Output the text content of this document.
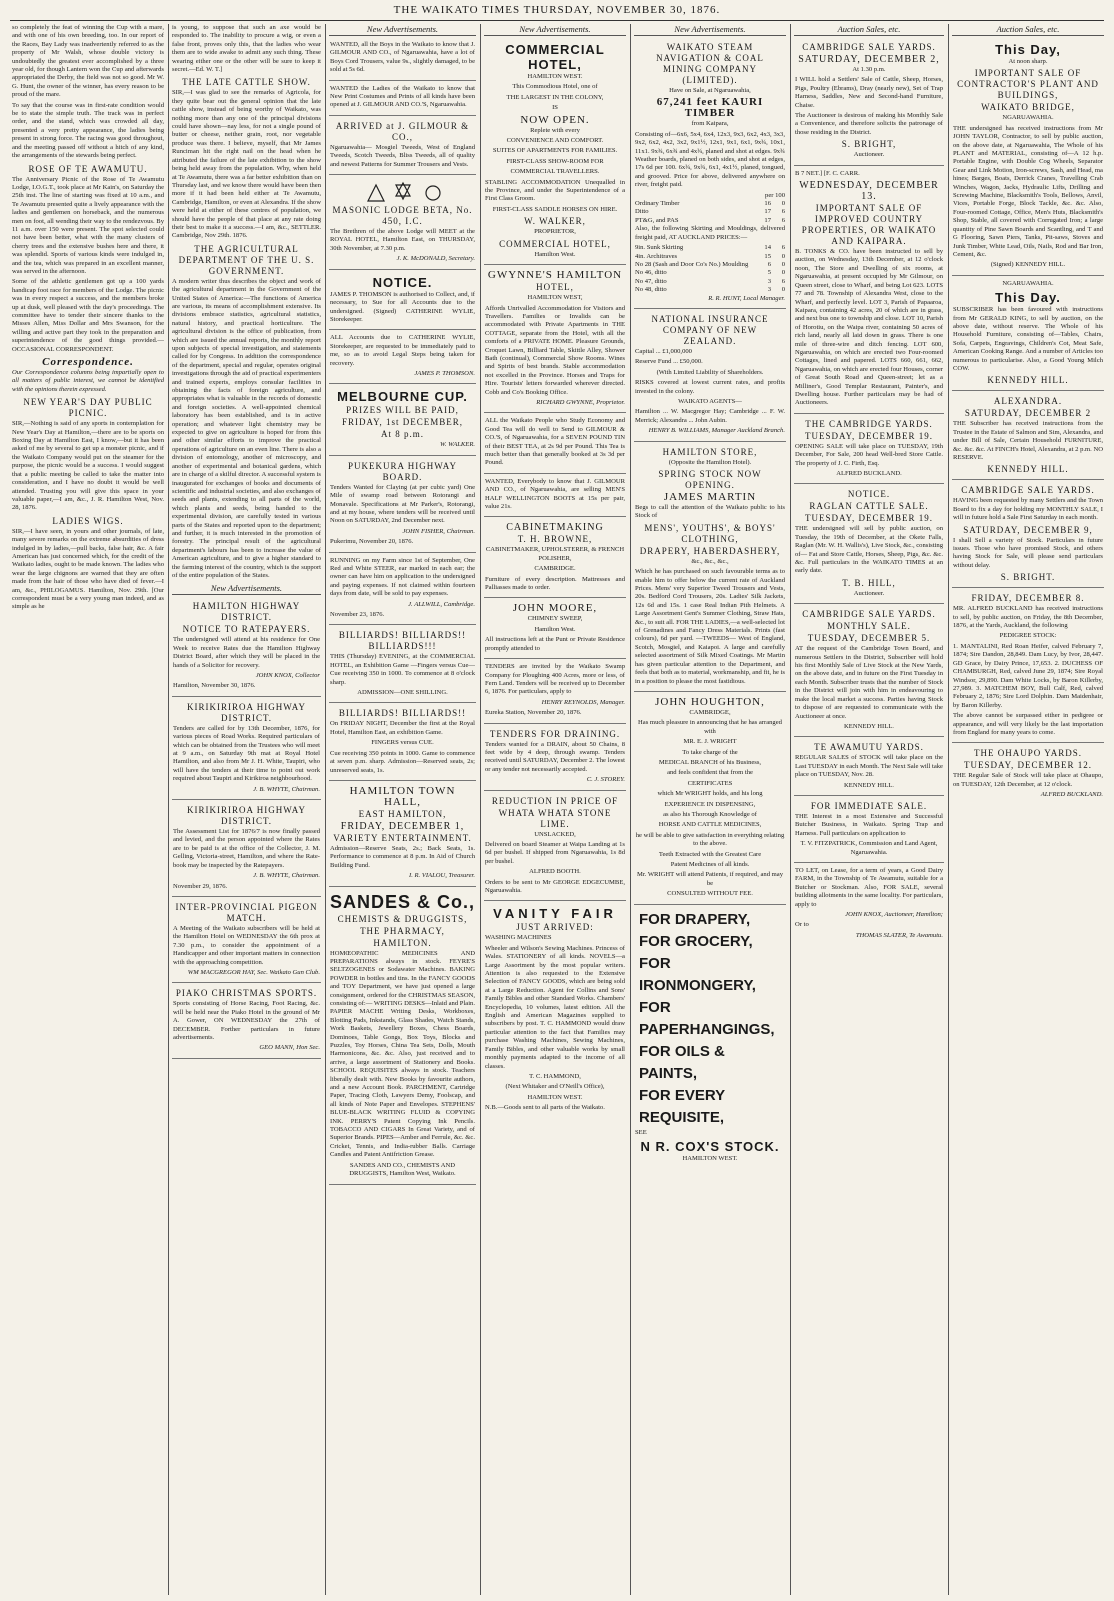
THE WAIKATO TIMES THURSDAY, NOVEMBER 30, 1876.

so completely the feat of winning the Cup with a mare, and with one of his own breeding, too. In our report of the Races, Bay Lady was inadvertently referred to as the property of Mr Walsh, whose double victory is undoubtedly the greatest ever accomplished by a three year old, for though Lantern won the Cup and afterwards appropriated the Derby, the field was not so good. Mr W. G. Hunt, the owner of the winner, has every reason to be proud of the mare.

To say that the course was in first-rate condition would be to state the simple truth. The track was in perfect order, and the stand, which was crowded all day, presented a very pretty appearance, the ladies being present in strong force. The racing was good throughout, and the meeting passed off without a hitch of any kind, the arrangements of the stewards being perfect.

ROSE OF TE AWAMUTU.

The Anniversary Picnic of the Rose of Te Awamutu Lodge, I.O.G.T., took place at Mr Kain's, on Saturday the 25th inst. The line of starting was fixed at 10 a.m., and Te Awamutu presented quite a lively appearance with the ladies and gentlemen on horseback, and the numerous men on foot, all wending their way to the rendezvous. By 11 a.m. over 150 were present. The spot selected could not have been better, what with the many clusters of cherry trees and the extensive bushes here and there, it was splendid. Sports of various kinds were indulged in, and the tea, which was prepared in an excellent manner, was served in the afternoon.

Some of the athletic gentlemen got up a 100 yards handicap foot race for members of the Lodge. The picnic was in every respect a success, and the members broke up at dusk, well pleased with the day's proceedings. The committee have to tender their sincere thanks to the Misses Allen, Miss Dollar and Mrs Swanson, for the willing and active part they took in the preparation and superintendence of the good things provided.—OCCASIONAL CORRESPONDENT.

Correspondence.

Our Correspondence columns being impartially open to all matters of public interest, we cannot be identified with the opinions therein expressed.

NEW YEAR'S DAY PUBLIC PICNIC.

SIR,—Nothing is said of any sports in contemplation for New Year's Day at Hamilton,—there are to be sports on Boxing Day at Hamilton East, I know,—but it has been asked of me by several to get up a monster picnic, and if the Waikato Company would put on the steamer for the purpose, the picnic would be a success. I would suggest that a public meeting be called to take the matter into consideration, and I have no doubt it would be well attended. Trusting you will give this space in your valuable paper,—I am, &c., J. R. Hamilton West, Nov. 28, 1876.

LADIES WIGS.

SIR,—I have seen, in yours and other journals, of late, many severe remarks on the extreme absurdities of dress indulged in by ladies,—pull backs, false hair, &c. A fair American has just concerned which, for the credit of the Waikato ladies, ought to be made known. The ladies who wear the large chignons are warned that they are often made from the hair of those who have died of fever.—I am, &c., PHILOGAMUS. Hamilton, Nov. 29th. [Our correspondent must be a very young man indeed, and as simple as he

is young, to suppose that such an axe would be responded to. The inability to procure a wig, or even a false front, proves only this, that the ladies who wear them are to wide awake to admit any such thing. These wearing either one or the other will be sure to keep it secret.—Ed. W. T.]

THE LATE CATTLE SHOW.

SIR,—I was glad to see the remarks of Agricola, for they quite bear out the general opinion that the late cattle show, instead of being worthy of Waikato, was nothing more than any one of the principal divisions could have shown—nay less, for not a single pound of butter or cheese, neither grain, root, nor vegetable produce was there. I believe, myself, that Mr James Runciman hit the right nail on the head when he attributed the failure of the late exhibition to the show being held away from the population. Why, when held at Te Awamutu, there was a far better exhibition than on Thursday last, and we know there would have been then more if it had been held either at Te Awamutu, Cambridge, Hamilton, or even at Alexandra. If the show were held at either of these centres of population, we should have the people of that place at any rate doing their best to make it a success.—I am, &c., SETTLER. Cambridge, Nov 29th. 1876.

THE AGRICULTURAL DEPARTMENT OF THE U. S. GOVERNMENT.

A modern writer thus describes the object and work of the agricultural department in the Government of the United States of America:—The functions of America are various, its means of accomplishment extensive. Its divisions embrace statistics, agricultural statistics, natural history, and practical horticulture. The agricultural division is the office of publication, from which are issued the annual reports, the monthly report upon subjects of special investigation, and statements called for by Congress. In addition the correspondence of the department, special and regular, operates original investigations through the aid of practical experimenters and trained experts, employs consular facilities in obtaining the facts of foreign agriculture, and appropriates what is valuable in the records of domestic and foreign societies. A well-appointed chemical laboratory has been established, and is in active operation; and whatever light chemistry may be expected to give on agriculture is hoped for from this and other similar efforts to improve the practical operations of agriculture on an even line. There is also a division of entomology, another of microscopy, and another of experimental and botanical gardens, which are in charge of a skilful director. A successful system is inaugurated for exchanges of books and documents of scientific and industrial societies, and also exchanges of seeds and plants, extending to all parts of the world, which plants and seeds, being handed to the experimental division, are carefully tested in various parts of the States and reported upon to the department; and further, it is much interested in the promotion of forestry. The principal result of the agricultural department's labours has been to increase the value of American agriculture, and to give a higher standard to the farming interest of the country, which is the support of the entire population of the States.

New Advertisements.
HAMILTON HIGHWAY DISTRICT.
NOTICE TO RATEPAYERS.

The undersigned will attend at his residence for One Week to receive Rates due the Hamilton Highway District Board, after which they will be placed in the hands of a Solicitor for recovery.

JOHN KNOX, Collector

Hamilton, November 30, 1876.

KIRIKIRIROA HIGHWAY DISTRICT.

Tenders are called for by 13th December, 1876, for various pieces of Road Works. Required particulars of which can be obtained from the Trustees who will meet at 9 a.m., on Saturday 9th mat at Royal Hotel Hamilton, and also from Mr J. H. White, Taupiri, who will have the tenders at their time to point out work required about Taupiri and Kirikiroa neighbourhood.

J. B. WHYTE, Chairman.

KIRIKIRIROA HIGHWAY DISTRICT.

The Assessment List for 1876/7 is now finally passed and levied, and the person appointed where the Rates are to be paid is at the office of the Collector, J. M. Gelling, Victoria-street, Hamilton, and where the Rate-book may be inspected by the Ratepayers.

J. B. WHYTE, Chairman.

November 29, 1876.

INTER-PROVINCIAL PIGEON MATCH.

A Meeting of the Waikato subscribers will be held at the Hamilton Hotel on WEDNESDAY the 6th prox at 7.30 p.m., to consider the appointment of a Handicapper and other important matters in connection with the approaching competition.

WM MACGREGOR HAY, Sec. Waikato Gun Club.

PIAKO CHRISTMAS SPORTS.

Sports consisting of Horse Racing, Foot Racing, &c. will be held near the Piako Hotel in the ground of Mr A. Gower, ON WEDNESDAY the 27th of DECEMBER. Forther particulars in future advertisements.

GEO MANN, Hon Sec.

New Advertisements.

WANTED, all the Boys in the Waikato to know that J. GILMOUR AND CO., of Ngaruawahia, have a lot of Boys Cord Trousers, value 9s., slightly damaged, to be sold at 5s 6d.

WANTED the Ladies of the Waikato to know that New Print Costumes and Prints of all kinds have been opened at J. GILMOUR AND CO.'S, Ngaruawahia.

ARRIVED at J. GILMOUR & CO.,

Ngaruawahia— Mosgiel Tweeds, West of England Tweeds, Scotch Tweeds, Bliss Tweeds, all of quality and newest Patterns for Summer Trousers and Vests.

MASONIC LODGE BETA, No. 450, I.C.

The Brethren of the above Lodge will MEET at the ROYAL HOTEL, Hamilton East, on THURSDAY, 30th November, at 7.30 p.m.

J. K. McDONALD, Secretary.

NOTICE.

JAMES P. THOMSON is authorised to Collect, and, if necessary, to Sue for all Accounts due to the undersigned. (Signed) CATHERINE WYLIE, Storekeeper.

ALL Accounts due to CATHERINE WYLIE, Storekeeper, are requested to be immediately paid to me, so as to avoid Legal Steps being taken for recovery.

JAMES P. THOMSON.

MELBOURNE CUP.
PRIZES WILL BE PAID,
FRIDAY, 1st DECEMBER,
At 8 p.m.

W. WALKER.

PUKEKURA HIGHWAY BOARD.

Tenders Wanted for Claying (at per cubic yard) One Mile of swamp road between Rotorangi and Monavale. Specifications at Mr Parker's, Rotorangi, and at my house, where tenders will be received until Noon on SATURDAY, 2nd December next.

JOHN FISHER, Chairman.

Pukerimu, November 20, 1876.

RUNNING on my Farm since 1st of September, One Red and White STEER, ear marked in each ear; the owner can have him on application to the undersigned and paying expenses. If not claimed within fourteen days from date, will be sold to pay expenses.

J. ALLWILL, Cambridge.

November 23, 1876.

BILLIARDS! BILLIARDS!! BILLIARDS!!!

THIS (Thursday) EVENING, at the COMMERCIAL HOTEL, an Exhibition Game —Fingers versus Cue—Cue receiving 350 in 1000. To commence at 8 o'clock sharp.

ADMISSION—ONE SHILLING.

BILLIARDS! BILLIARDS!!

On FRIDAY NIGHT, December the first at the Royal Hotel, Hamilton East, an exhibition Game.

FINGERS versus CUE.

Cue receiving 350 points in 1000. Game to commence at seven p.m. sharp. Admission—Reserved seats, 2s; unreserved seats, 1s.

HAMILTON TOWN HALL,
EAST HAMILTON,
FRIDAY, DECEMBER 1,
VARIETY ENTERTAINMENT.

Admission—Reserve Seats, 2s.; Back Seats, 1s. Performance to commence at 8 p.m. In Aid of Church Building Fund.

I. R. VIALOU, Treasurer.

SANDES & Co.,
CHEMISTS & DRUGGISTS,
THE PHARMACY,
HAMILTON.

HOMŒOPATHIC MEDICINES AND PREPARATIONS always in stock. FEYRE'S SELTZOGENES or Sodawater Machines. BAKING POWDER in bottles and tins. In the FANCY GOODS and TOY Department, we have just opened a large consignment, ordered for the CHRISTMAS SEASON, consisting of:— WRITING DESKS—Inlaid and Plain. PAPIER MACHE Writing Desks, Workboxes, Blotting Pads, Inkstands, Glass Shades, Watch Stands, Work Baskets, Jewellery Boxes, Chess Boards, Dominoes, Table Gongs, Box Toys, Blocks and Puzzles, Toy Horses, China Tea Sets, Dolls, Mouth Harmonicons, &c. &c. Also, just received and to arrive, a large assortment of Stationery and Books. SCHOOL REQUISITES always in stock. Teachers liberally dealt with. New Books by favourite authors, and a new Account Book. PARCHMENT, Cartridge Paper, Tracing Cloth, Lawyers Demy, Foolscap, and all kinds of Note Paper and Envelopes. STEPHENS' BLUE-BLACK WRITING FLUID & COPYING INK. PERRY'S Patent Copying Ink Pencils. TOBACCO AND CIGARS In Great Variety, and of Superior Brands. PIPES—Amber and Ferrule, &c. &c. Cricket, Tennis, and India-rubber Balls. Carriage Candles and Patent Antifriction Grease.

SANDES AND CO., CHEMISTS AND DRUGGISTS, Hamilton West, Waikato.

New Advertisements.
COMMERCIAL HOTEL,

HAMILTON WEST.

This Commodious Hotel, one of

THE LARGEST IN THE COLONY,

IS

NOW OPEN.

Replete with every

CONVENIENCE AND COMFORT.

SUITES OF APARTMENTS FOR FAMILIES.

FIRST-CLASS SHOW-ROOM FOR

COMMERCIAL TRAVELLERS.

STABLING ACCOMMODATION Unequalled in the Province, and under the Superintendence of a First Class Groom.

FIRST-CLASS SADDLE HORSES ON HIRE.

W. WALKER,

PROPRIETOR,

COMMERCIAL HOTEL,

Hamilton West.

GWYNNE'S HAMILTON
HOTEL,

HAMILTON WEST,

Affords Unrivalled Accommodation for Visitors and Travellers. Families or Invalids can be accommodated with Private Apartments in THE COTTAGE, separate from the Hotel, with all the comforts of a PRIVATE HOME. Pleasure Grounds, Croquet Lawn, Billiard Table, Skittle Alley, Shower Bath (continual), Commercial Show Rooms. Wines and Spirits of best brands. Stable accommodation not excelled in the Province. Horses and Traps for Hire. Tourists' letters forwarded wherever directed. Cobb and Co's Booking Office.

RICHARD GWYNNE, Proprietor.

ALL the Waikato People who Study Economy and Good Tea will do well to Send to GILMOUR & CO.'S, of Ngaruawahia, for a SEVEN POUND TIN of their BEST TEA, at 2s 9d per Pound. This Tea is much better than that generally booked at 3s 3d per Pound.

WANTED, Everybody to know that J. GILMOUR AND CO., of Ngaruawahia, are selling MEN'S HALF WELLINGTON BOOTS at 15s per pair, value 21s.

CABINETMAKING
T. H. BROWNE,

CABINETMAKER, UPHOLSTERER, & FRENCH POLISHER,

CAMBRIDGE.

Furniture of every description. Mattresses and Palliasses made to order.

JOHN MOORE,

CHIMNEY SWEEP,

Hamilton West.

All instructions left at the Punt or Private Residence promptly attended to

TENDERS are invited by the Waikato Swamp Company for Ploughing 400 Acres, more or less, of Fern Land. Tenders will be received up to December 6, 1876. For particulars, apply to

HENRY REYNOLDS, Manager.

Eureka Station, November 20, 1876.

TENDERS FOR DRAINING.

Tenders wanted for a DRAIN, about 50 Chains, 8 feet wide by 4 deep, through swamp. Tenders received until SATURDAY, December 2. The lowest or any tender not necessarily accepted.

C. J. STOREY.

REDUCTION IN PRICE OF
WHATA WHATA STONE LIME.

UNSLACKED,

Delivered on board Steamer at Waipa Landing at 1s 6d per bushel. If shipped from Ngaruawahia, 1s 8d per bushel.

ALFRED BOOTH.

Orders to be sent to Mr GEORGE EDGECUMBE, Ngaruawahia.

VANITY FAIR
JUST ARRIVED:

WASHING MACHINES

Wheeler and Wilson's Sewing Machines. Princess of Wales. STATIONERY of all kinds. NOVELS—a Large Assortment by the most popular writers. Attention is also requested to the Extensive Selection of FANCY GOODS, which are being sold at a Large Reduction. Agent for Collins and Sons' Family Bibles and other Standard Works. Chambers' Encyclopedia, 10 volumes, latest edition. All the English and American Magazines supplied to subscribers by post. T. C. HAMMOND would draw particular attention to the fact that Families may purchase Washing Machines, Sewing Machines, Family Bibles, and other valuable works by small monthly payments adapted to the income of all classes.

T. C. HAMMOND,

(Next Whitaker and O'Neill's Office),

HAMILTON WEST.

N.B.—Goods sent to all parts of the Waikato.

New Advertisements.
WAIKATO STEAM NAVIGATION & COAL MINING COMPANY (LIMITED).

Have on Sale, at Ngaruawahia,

67,241 feet KAURI TIMBER

from Kaipara,

Consisting of—6x6, 5x4, 6x4, 12x3, 9x3, 6x2, 4x3, 3x3, 9x2, 6x2, 4x2, 3x2, 9x1½, 12x1, 9x1, 6x1, 9x¾, 10x1, 11x1. 9x¾, 6x¾ and 4x¾, planed and shot at edges. 9x¾ Weather boards, planed on both sides, and shot at edges, 17s 6d per 100. 6x¾, 9x¾, 6x1, 4x1½, planed, tongued, and grooved. Price for above, delivered anywhere on river, freight paid.

per 100
Ordinary Timber	16	0
Ditto	17	6
PT&G, and PAS	17	6

Also, the following Skirting and Mouldings, delivered freight paid, AT AUCKLAND PRICES:—

9in. Sunk Skirting	14	6
4in. Architraves	15	0
No 28 (Sash and Door Co's No.) Moulding	6	0
No 46, ditto	5	0
No 47, ditto	3	6
No 48, ditto	3	0

R. R. HUNT, Local Manager.

NATIONAL INSURANCE COMPANY OF NEW ZEALAND.

Capital ... £1,000,000

Reserve Fund ... £50,000.

(With Limited Liability of Shareholders.

RISKS covered at lowest current rates, and profits invested in the colony.

WAIKATO AGENTS—

Hamilton ... W. Macgregor Hay; Cambridge ... F. W. Merrick; Alexandra ... John Aubin.

HENRY B. WILLIAMS, Manager Auckland Branch.

HAMILTON STORE,

(Opposite the Hamilton Hotel).

SPRING STOCK NOW OPENING.
JAMES MARTIN

Begs to call the attention of the Waikato public to his Stock of

MENS', YOUTHS', & BOYS' CLOTHING,
DRAPERY, HABERDASHERY,

&c., &c., &c.,

Which he has purchased on such favourable terms as to enable him to offer below the current rate of Auckland Prices. Mens' very Superior Tweed Trousers and Vests, 20s. Bedford Cord Trousers, 20s. Ladies' Silk Jackets, 12s 6d and 15s. 1 case Real Indian Pith Helmets. A Large Assortment Gent's Summer Clothing, Straw Hats, &c., to suit all. FOR THE LADIES,—a well-selected lot of Grenadines and Fancy Dress Materials. Prints (fast colours), 6d per yard. —TWEEDS— West of England, Scotch, Mosgiel, and Kaiapoi. A large and carefully selected assortment of Silk Mixed Coatings. Mr Martin has given particular attention to the Department, and feels that both as to material, workmanship, and fit, he is in a position to please the most fastidious.

JOHN HOUGHTON,

CAMBRIDGE,

Has much pleasure in announcing that he has arranged with

MR. E. J. WRIGHT

To take charge of the

MEDICAL BRANCH of his Business,

and feels confident that from the

CERTIFICATES

which Mr WRIGHT holds, and his long

EXPERIENCE IN DISPENSING,

as also his Thorough Knowledge of

HORSE AND CATTLE MEDICINES,

he will be able to give satisfaction in everything relating to the above.

Teeth Extracted with the Greatest Care

Patent Medicines of all kinds.

Mr. WRIGHT will attend Patients, if required, and may be

CONSULTED WITHOUT FEE.

FOR DRAPERY,
FOR GROCERY,
FOR IRONMONGERY,
FOR PAPERHANGINGS,
FOR OILS & PAINTS,
FOR EVERY REQUISITE,

SEE

N R. COX'S STOCK.

HAMILTON WEST.

Auction Sales, etc.
CAMBRIDGE SALE YARDS.
SATURDAY, DECEMBER 2,

At 1.30 p.m.

I WILL hold a Settlers' Sale of Cattle, Sheep, Horses, Pigs, Poultry (Ebrams), Dray (nearly new), Set of Trap Harness, Saddles, New and Second-hand Furniture, Chaise.

The Auctioneer is desirous of making his Monthly Sale a Convenience, and therefore solicits the patronage of those residing in the District.

S. BRIGHT,

Auctioneer.

B 7 NET.] [F. C. CARR.

WEDNESDAY, DECEMBER 13.
IMPORTANT SALE OF IMPROVED COUNTRY PROPERTIES, OR WAIKATO AND KAIPARA.

B. TONKS & CO. have been instructed to sell by auction, on Wednesday, 13th December, at 12 o'clock noon, The Store and Dwelling of six rooms, at Ngaruawahia, at present occupied by Mr Gilmour, on Queen street, close to Wharf, and being Lot 623. LOTS 77 and 78. Township of Alexandra West, close to the Wharf, and perfectly level. LOT 3, Parish of Papaaroa, Kaipara, containing 42 acres, 20 of which are in grass, and next bus one to township and close. LOT 10, Parish of Horotiu, on the Waipa river, containing 50 acres of rich land, nearly all laid down in grass. There is one mile of three-wire and ditch fencing. LOT 600, Ngaruawahia, on which are erected two Four-roomed Cottages, lined and papered. LOTS 660, 661, 662, Ngaruawahia, on which are erected four Houses, corner of Great South Road and Queen-street; let as a Milliner's, Good Templar Restaurant, Painter's, and Dwelling house. Further particulars may be had of Auctioneers.

THE CAMBRIDGE YARDS.
TUESDAY, DECEMBER 19.

OPENING SALE will take place on TUESDAY, 19th December, For Sale, 200 head Well-bred Store Cattle. The property of J. C. Firth, Esq.

ALFRED BUCKLAND.

NOTICE.
RAGLAN CATTLE SALE.
TUESDAY, DECEMBER 19.

THE undersigned will sell by public auction, on Tuesday, the 19th of December, at the Okete Falls, Raglan (Mr. W. H. Wallis's), Live Stock, &c., consisting of— Fat and Store Cattle, Horses, Sheep, Pigs, &c. &c. &c. Full particulars in the WAIKATO TIMES at an early date.

T. B. HILL,

Auctioneer.

CAMBRIDGE SALE YARDS.
MONTHLY SALE.
TUESDAY, DECEMBER 5.

AT the request of the Cambridge Town Board, and numerous Settlers in the District, Subscriber will hold his first Monthly Sale of Live Stock at the New Yards, on the above date, and in future on the First Tuesday in each Month. Subscriber trusts that the number of Stock in the District will join with him in endeavouring to make the local market a success. Parties having Stock to dispose of are requested to communicate with the Auctioneer at once.

KENNEDY HILL.

TE AWAMUTU YARDS.

REGULAR SALES of STOCK will take place on the Last TUESDAY in each Month. The Next Sale will take place on TUESDAY, Nov. 28.

KENNEDY HILL.

FOR IMMEDIATE SALE.

THE Interest in a most Extensive and Successful Butcher Business, in Waikato. Spring Trap and Harness. Full particulars on application to

T. V. FITZPATRICK, Commission and Land Agent, Ngaruawahia.

TO LET, on Lease, for a term of years, a Good Dairy FARM, in the Township of Te Awamutu, suitable for a Butcher or Stockman. Also, FOR SALE, several building allotments in the same locality. For particulars, apply to

JOHN KNOX, Auctioneer, Hamilton;

Or to

THOMAS SLATER, Te Awamutu.

Auction Sales, etc.
This Day,

At noon sharp.

IMPORTANT SALE OF CONTRACTOR'S PLANT AND BUILDINGS,
WAIKATO BRIDGE,

NGARUAWAHIA.

THE undersigned has received instructions from Mr JOHN TAYLOR, Contractor, to sell by public auction, on the above date, at Ngaruawahia, The Whole of his PLANT and MATERIAL, consisting of—A 12 h.p. Portable Engine, with Double Cog Wheels, Separator Gear and Link Motion, Iron-screws, Sash, and Head, ma hines; Barges, Boats, Derrick Cranes, Travelling Crab Winches, Wagon, Jacks, Hydraulic Lifts, Drilling and Screwing Machine, Blacksmith's Tools, Bellows, Anvil, Vices, Portable Forge, Block Tackle, &c. &c. Also, Four-roomed Cottage, Office, Men's Huts, Blacksmith's Shop, Stable, all covered with Corrugated Iron; a large quantity of Pine Sawn Boards and Scantling, and T and G Flooring, Sawn Piers, Tanks, Pit-saws, Stoves and Junk Timber, White Lead, Oils, Nails, Rod and Bar Iron, Cement, &c.

(Signed) KENNEDY HILL.

NGARUAWAHIA.

This Day.

SUBSCRIBER has been favoured with instructions from Mr GERALD KING, to sell by auction, on the above date, without reserve. The Whole of his Household Furniture, consisting of—Tables, Chairs, Sofa, Carpets, Engravings, Children's Cot, Meat Safe, American Cooking Range. And a number of Articles too numerous to particularise. Also, a Good Young Milch COW.

KENNEDY HILL.
ALEXANDRA.
SATURDAY, DECEMBER 2

THE Subscriber has received instructions from the Trustee in the Estate of Salmon and Sim, Alexandra, and under Bill of Sale, Certain Household FURNITURE, &c. &c. &c. At FINCH's Hotel, Alexandra, at 2 p.m. NO RESERVE.

KENNEDY HILL.
CAMBRIDGE SALE YARDS.

HAVING been requested by many Settlers and the Town Board to fix a day for holding my MONTHLY SALE, I will in future hold a Sale First Saturday in each month.

SATURDAY, DECEMBER 9,

I shall Sell a variety of Stock. Particulars in future issues. Those who have promised Stock, and others having Stock for Sale, will please send particulars without delay.

S. BRIGHT.
FRIDAY, DECEMBER 8.

MR. ALFRED BUCKLAND has received instructions to sell, by public auction, on Friday, the 8th December, 1876, at the Yards, Auckland, the following

PEDIGREE STOCK:

1. MANTALINI, Red Roan Heifer, calved February 7, 1874; Sire Dandon, 28,849. Dam Lucy, by Ivor, 28,447. GD Grace, by Dairy Prince, 17,653. 2. DUCHESS OF CHAMBURGH, Red, calved June 29, 1874; Sire Royal Windsor, 29,890. Dam White Locks, by Baron Killerby, 27,989. 3. MATCHEM BOY, Bull Calf, Red, calved February 2, 1876; Sire Lord Dolphin. Dam Maidenhair, by Baron Killerby.

The above cannot be surpassed either in pedigree or appearance, and will very likely be the last importation from England for many years to come.

THE OHAUPO YARDS.
TUESDAY, DECEMBER 12.

THE Regular Sale of Stock will take place at Ohaupo, on TUESDAY, 12th December, at 12 o'clock.

ALFRED BUCKLAND.
